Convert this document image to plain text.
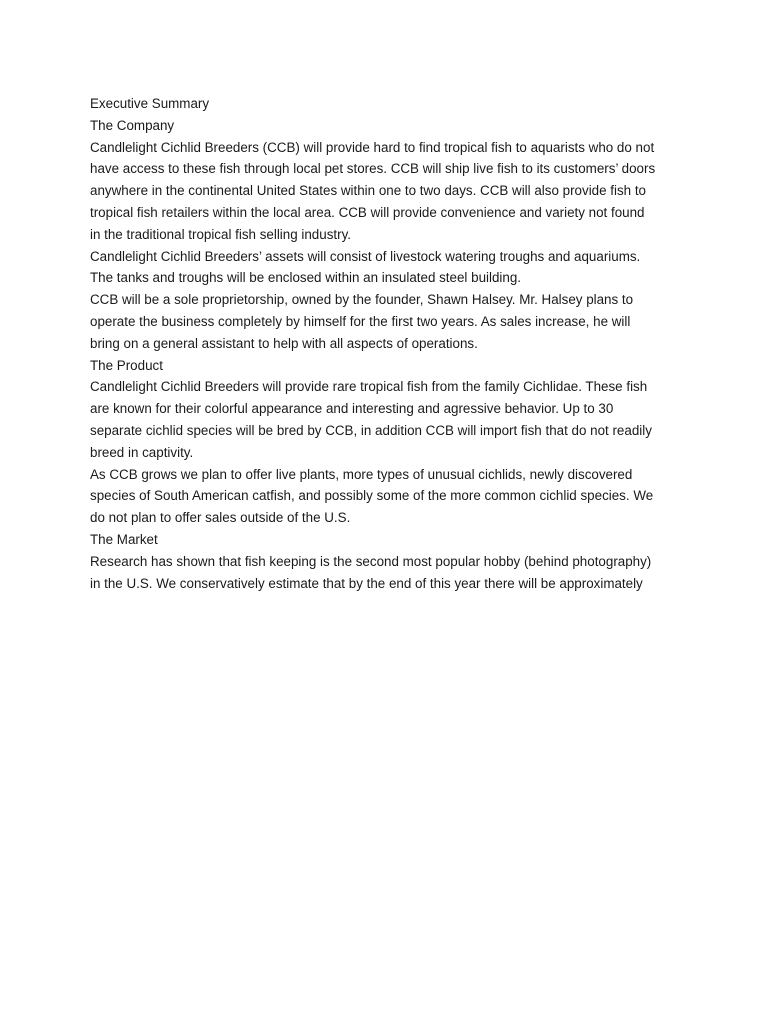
Executive Summary

The Company

Candlelight Cichlid Breeders (CCB) will provide hard to find tropical fish to aquarists who do not
have access to these fish through local pet stores. CCB will ship live fish to its customers’ doors
anywhere in the continental United States within one to two days. CCB will also provide fish to
tropical fish retailers within the local area. CCB will provide convenience and variety not found
in the traditional tropical fish selling industry.

Candlelight Cichlid Breeders’ assets will consist of livestock watering troughs and aquariums.
The tanks and troughs will be enclosed within an insulated steel building.

CCB will be a sole proprietorship, owned by the founder, Shawn Halsey. Mr. Halsey plans to
operate the business completely by himself for the first two years. As sales increase, he will
bring on a general assistant to help with all aspects of operations.

The Product

Candlelight Cichlid Breeders will provide rare tropical fish from the family Cichlidae. These fish
are known for their colorful appearance and interesting and agressive behavior. Up to 30
separate cichlid species will be bred by CCB, in addition CCB will import fish that do not readily
breed in captivity.

As CCB grows we plan to offer live plants, more types of unusual cichlids, newly discovered
species of South American catfish, and possibly some of the more common cichlid species. We
do not plan to offer sales outside of the U.S.

The Market

Research has shown that fish keeping is the second most popular hobby (behind photography)
in the U.S. We conservatively estimate that by the end of this year there will be approximately
